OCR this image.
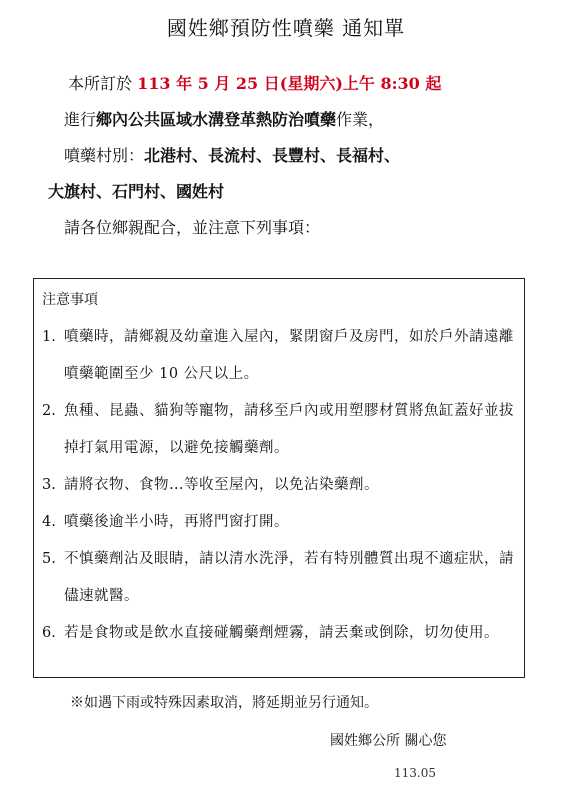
國姓鄉預防性噴藥 通知單
本所訂於 113 年 5 月 25 日(星期六)上午 8:30 起
進行鄉內公共區域水溝登革熱防治噴藥作業，
噴藥村別：北港村、長流村、長豐村、長福村、
大旗村、石門村、國姓村
請各位鄉親配合，並注意下列事項：
注意事項
1. 噴藥時，請鄉親及幼童進入屋內，緊閉窗戶及房門，如於戶外請遠離噴藥範圍至少 10 公尺以上。
2. 魚種、昆蟲、貓狗等寵物，請移至戶內或用塑膠材質將魚缸蓋好並拔掉打氣用電源，以避免接觸藥劑。
3. 請將衣物、食物…等收至屋內，以免沾染藥劑。
4. 噴藥後逾半小時，再將門窗打開。
5. 不慎藥劑沾及眼睛，請以清水洗淨，若有特別體質出現不適症狀，請儘速就醫。
6. 若是食物或是飲水直接碰觸藥劑煙霧，請丟棄或倒除，切勿使用。
※如遇下雨或特殊因素取消，將延期並另行通知。
國姓鄉公所 關心您
113.05
